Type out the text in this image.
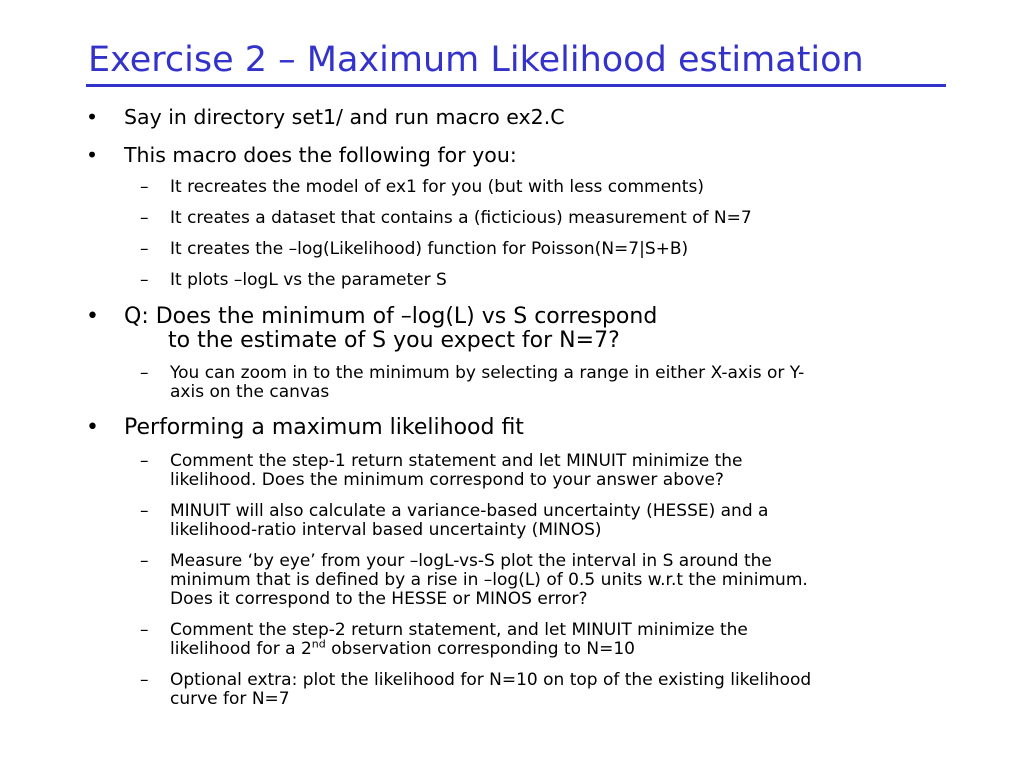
Exercise 2 – Maximum Likelihood estimation
• Say in directory set1/ and run macro ex2.C
• This macro does the following for you:
– It recreates the model of ex1 for you (but with less comments)
– It creates a dataset that contains a (ficticious) measurement of N=7
– It creates the –log(Likelihood) function for Poisson(N=7|S+B)
– It plots –logL vs the parameter S
• Q: Does the minimum of –log(L) vs S correspond
to the estimate of S you expect for N=7?
– You can zoom in to the minimum by selecting a range in either X-axis or Y-
axis on the canvas
• Performing a maximum likelihood fit
– Comment the step-1 return statement and let MINUIT minimize the
likelihood. Does the minimum correspond to your answer above?
– MINUIT will also calculate a variance-based uncertainty (HESSE) and a
likelihood-ratio interval based uncertainty (MINOS)
– Measure ‘by eye’ from your –logL-vs-S plot the interval in S around the
minimum that is defined by a rise in –log(L) of 0.5 units w.r.t the minimum.
Does it correspond to the HESSE or MINOS error?
– Comment the step-2 return statement, and let MINUIT minimize the
likelihood for a 2nd observation corresponding to N=10
– Optional extra: plot the likelihood for N=10 on top of the existing likelihood
curve for N=7
